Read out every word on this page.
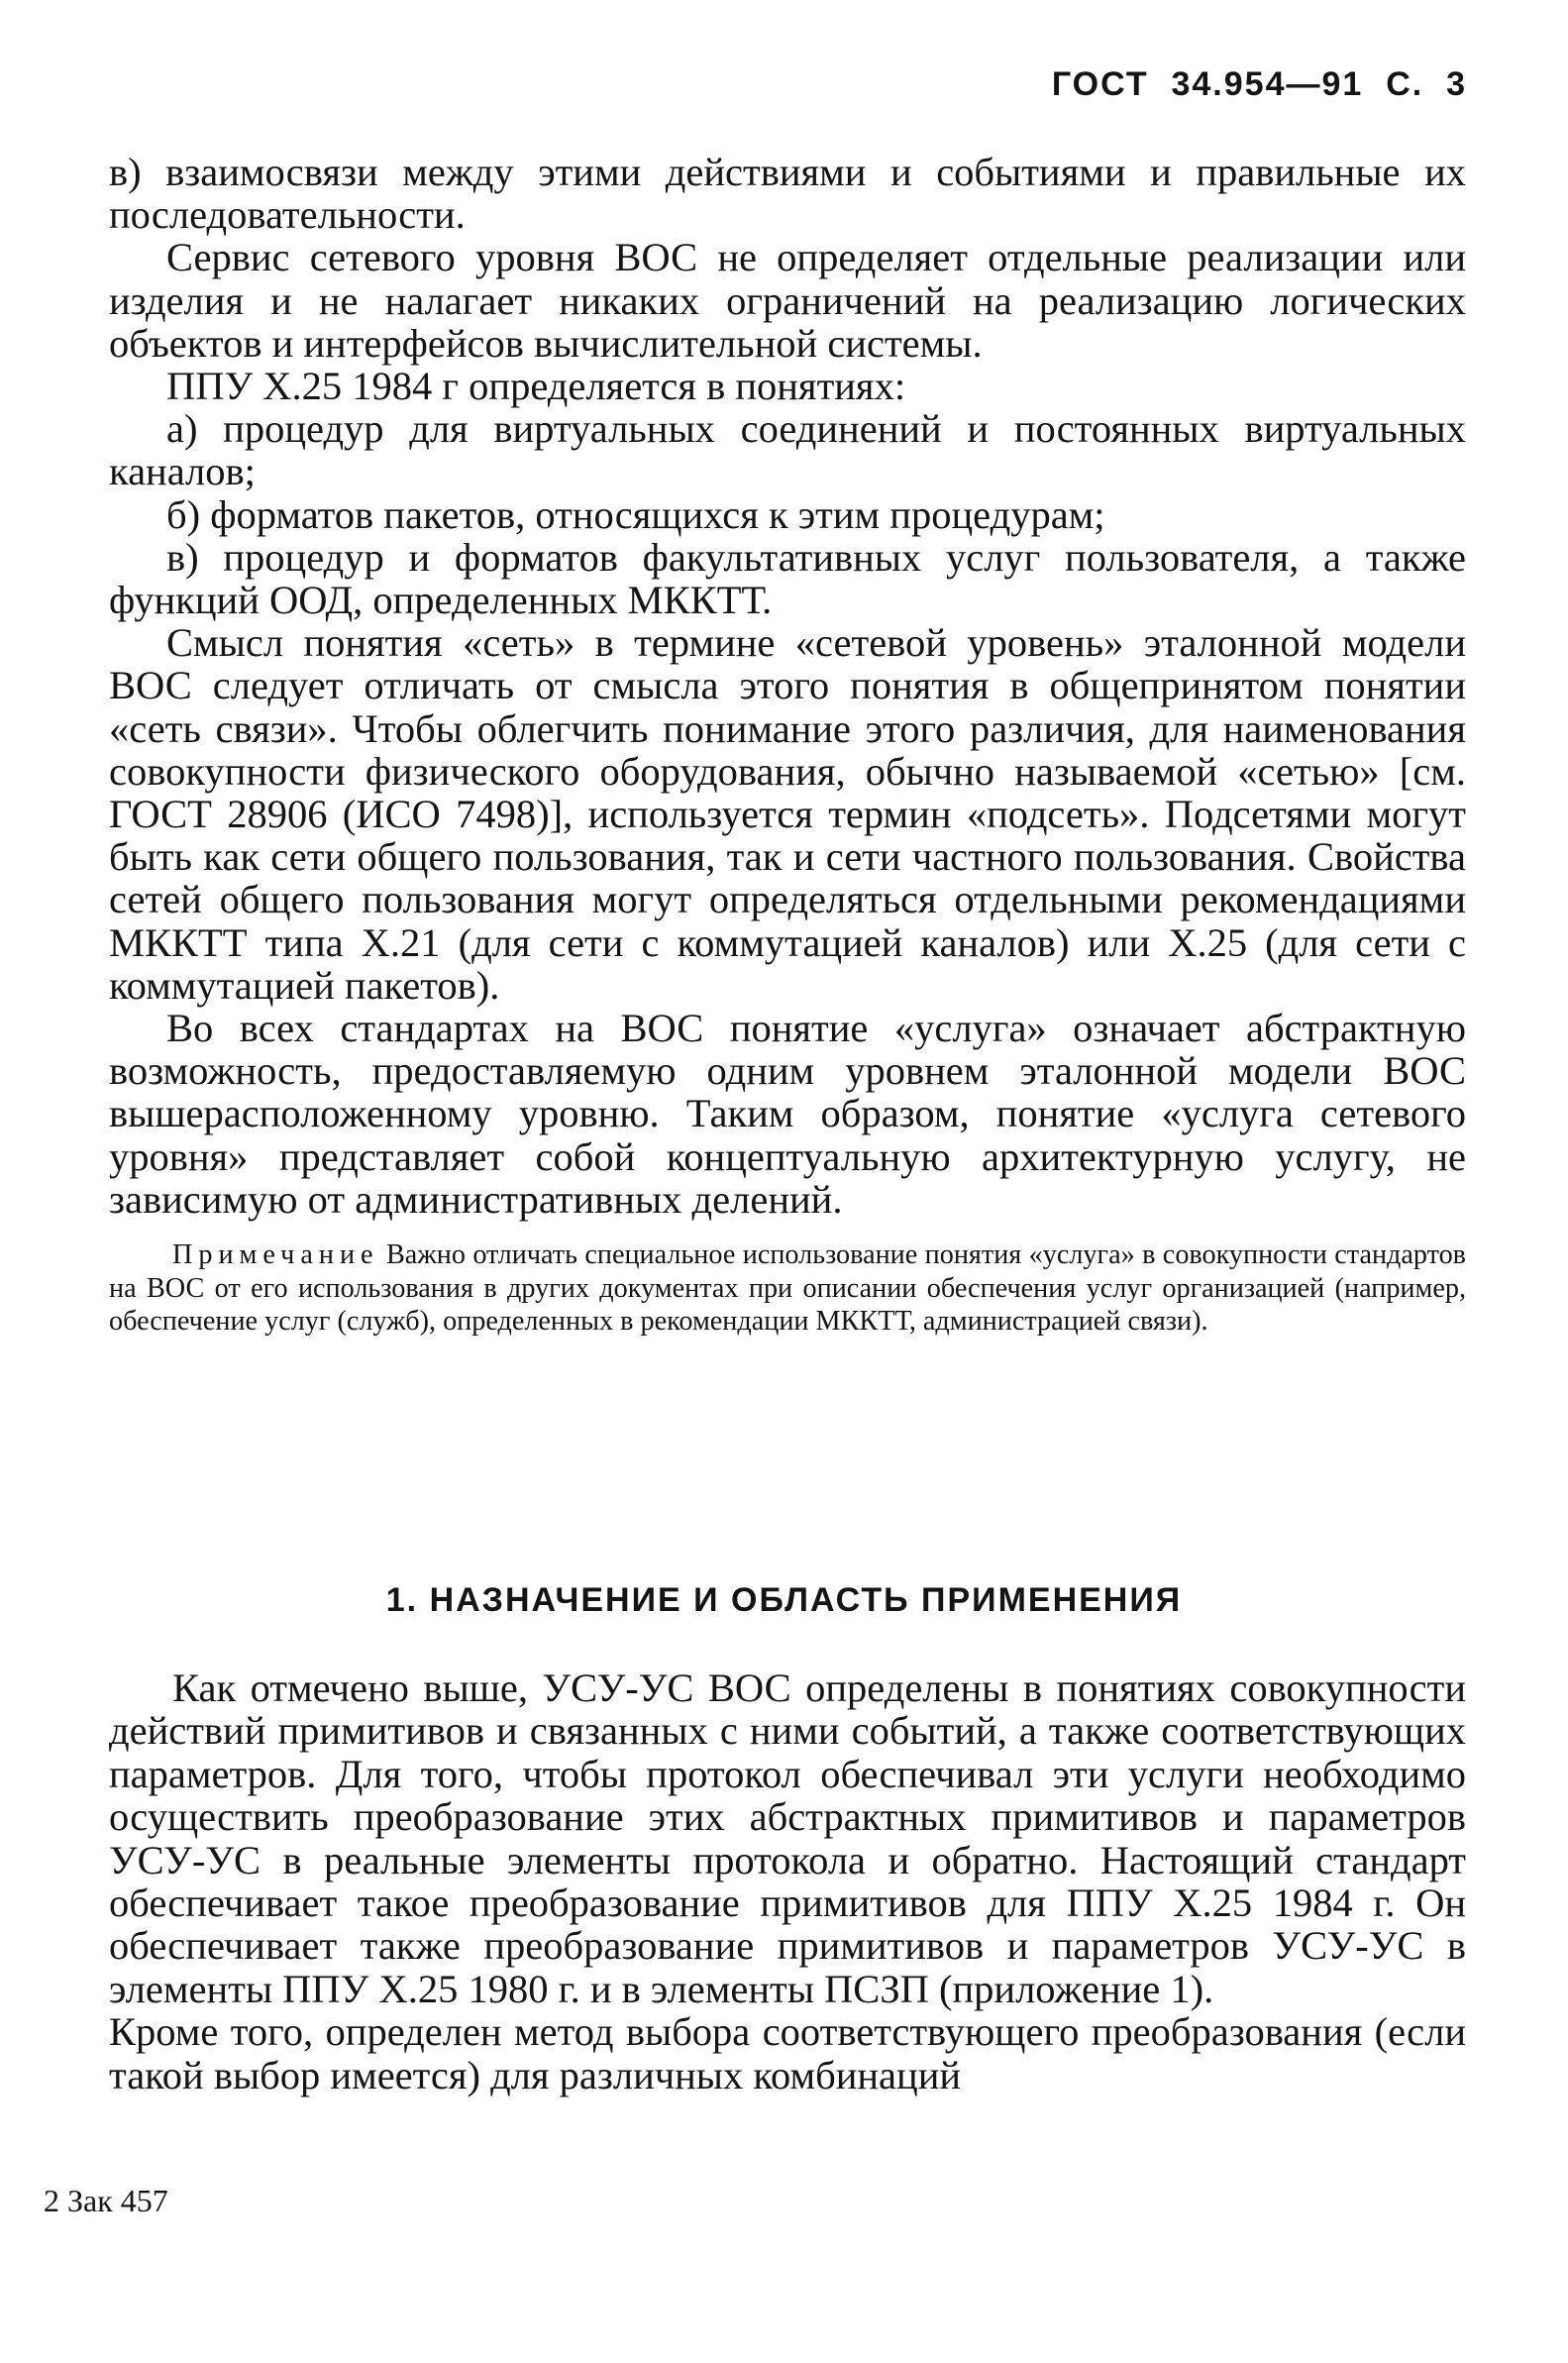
ГОСТ  34.954—91  С.  3

в) взаимосвязи между этими действиями и событиями и правильные их последовательности.

Сервис сетевого уровня ВОС не определяет отдельные реализации или изделия и не налагает никаких ограничений на реализацию логических объектов и интерфейсов вычислительной системы.

ППУ Х.25 1984 г определяется в понятиях:

а) процедур для виртуальных соединений и постоянных виртуальных каналов;

б) форматов пакетов, относящихся к этим процедурам;

в) процедур и форматов факультативных услуг пользователя, а также функций ООД, определенных МККТТ.

Смысл понятия «сеть» в термине «сетевой уровень» эталонной модели ВОС следует отличать от смысла этого понятия в общепринятом понятии «сеть связи». Чтобы облегчить понимание этого различия, для наименования совокупности физического оборудования, обычно называемой «сетью» [см. ГОСТ 28906 (ИСО 7498)], используется термин «подсеть». Подсетями могут быть как сети общего пользования, так и сети частного пользования. Свойства сетей общего пользования могут определяться отдельными рекомендациями МККТТ типа Х.21 (для сети с коммутацией каналов) или Х.25 (для сети с коммутацией пакетов).

Во всех стандартах на ВОС понятие «услуга» означает абстрактную возможность, предоставляемую одним уровнем эталонной модели ВОС вышерасположенному уровню. Таким образом, понятие «услуга сетевого уровня» представляет собой концептуальную архитектурную услугу, не зависимую от административных делений.

Примечание Важно отличать специальное использование понятия «услуга» в совокупности стандартов на ВОС от его использования в других документах при описании обеспечения услуг организацией (например, обеспечение услуг (служб), определенных в рекомендации МККТТ, администрацией связи).
1. НАЗНАЧЕНИЕ И ОБЛАСТЬ ПРИМЕНЕНИЯ

Как отмечено выше, УСУ-УС ВОС определены в понятиях совокупности действий примитивов и связанных с ними событий, а также соответствующих параметров. Для того, чтобы протокол обеспечивал эти услуги необходимо осуществить преобразование этих абстрактных примитивов и параметров УСУ-УС в реальные элементы протокола и обратно. Настоящий стандарт обеспечивает такое преобразование примитивов для ППУ Х.25 1984 г. Он обеспечивает также преобразование примитивов и параметров УСУ-УС в элементы ППУ Х.25 1980 г. и в элементы ПСЗП (приложение 1).

Кроме того, определен метод выбора соответствующего преобразования (если такой выбор имеется) для различных комбинаций

2 Зак 457
